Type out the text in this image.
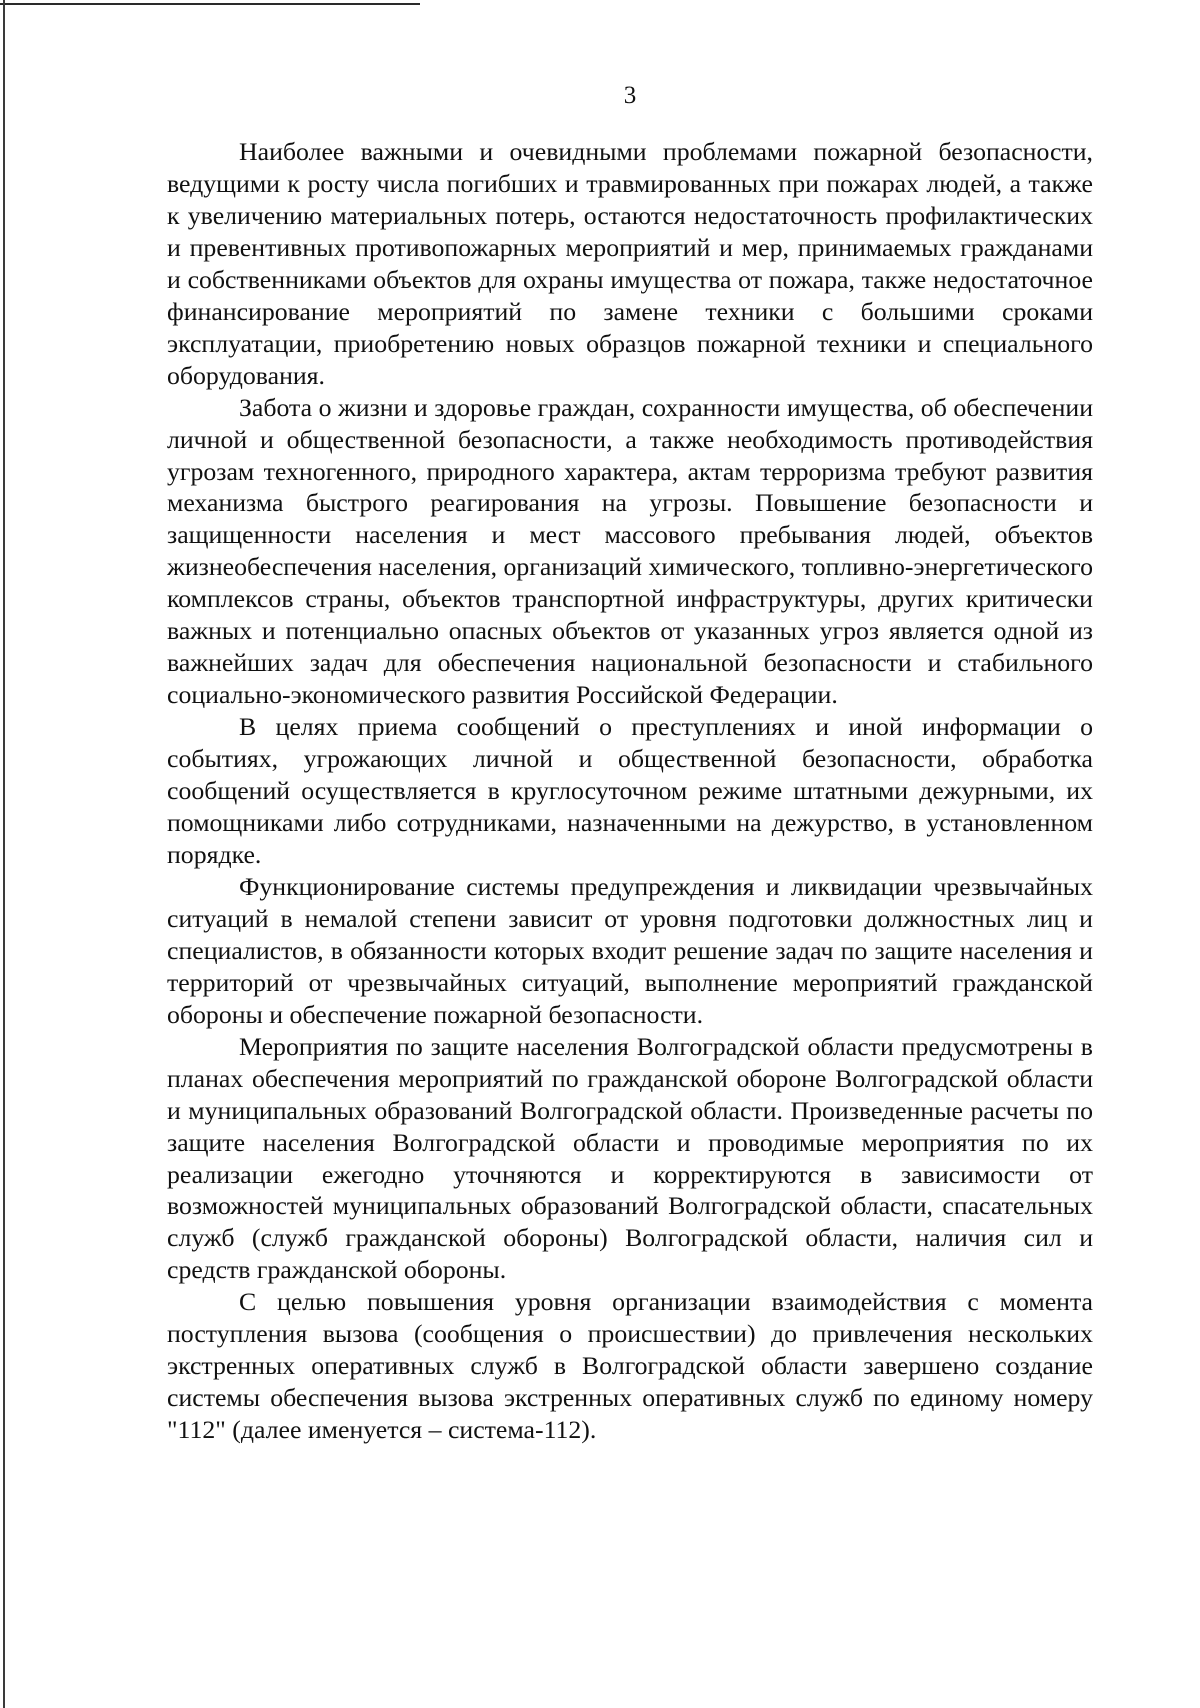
3

Наиболее важными и очевидными проблемами пожарной безопасности, ведущими к росту числа погибших и травмированных при пожарах людей, а также к увеличению материальных потерь, остаются недостаточность профилактических и превентивных противопожарных мероприятий и мер, принимаемых гражданами и собственниками объектов для охраны имущества от пожара, также недостаточное финансирование мероприятий по замене техники с большими сроками эксплуатации, приобретению новых образцов пожарной техники и специального оборудования.

Забота о жизни и здоровье граждан, сохранности имущества, об обеспечении личной и общественной безопасности, а также необходимость противодействия угрозам техногенного, природного характера, актам терроризма требуют развития механизма быстрого реагирования на угрозы. Повышение безопасности и защищенности населения и мест массового пребывания людей, объектов жизнеобеспечения населения, организаций химического, топливно-энергетического комплексов страны, объектов транспортной инфраструктуры, других критически важных и потенциально опасных объектов от указанных угроз является одной из важнейших задач для обеспечения национальной безопасности и стабильного социально-экономического развития Российской Федерации.

В целях приема сообщений о преступлениях и иной информации о событиях, угрожающих личной и общественной безопасности, обработка сообщений осуществляется в круглосуточном режиме штатными дежурными, их помощниками либо сотрудниками, назначенными на дежурство, в установленном порядке.

Функционирование системы предупреждения и ликвидации чрезвычайных ситуаций в немалой степени зависит от уровня подготовки должностных лиц и специалистов, в обязанности которых входит решение задач по защите населения и территорий от чрезвычайных ситуаций, выполнение мероприятий гражданской обороны и обеспечение пожарной безопасности.

Мероприятия по защите населения Волгоградской области предусмотрены в планах обеспечения мероприятий по гражданской обороне Волгоградской области и муниципальных образований Волгоградской области. Произведенные расчеты по защите населения Волгоградской области и проводимые мероприятия по их реализации ежегодно уточняются и корректируются в зависимости от возможностей муниципальных образований Волгоградской области, спасательных служб (служб гражданской обороны) Волгоградской области, наличия сил и средств гражданской обороны.

С целью повышения уровня организации взаимодействия с момента поступления вызова (сообщения о происшествии) до привлечения нескольких экстренных оперативных служб в Волгоградской области завершено создание системы обеспечения вызова экстренных оперативных служб по единому номеру "112" (далее именуется – система-112).
